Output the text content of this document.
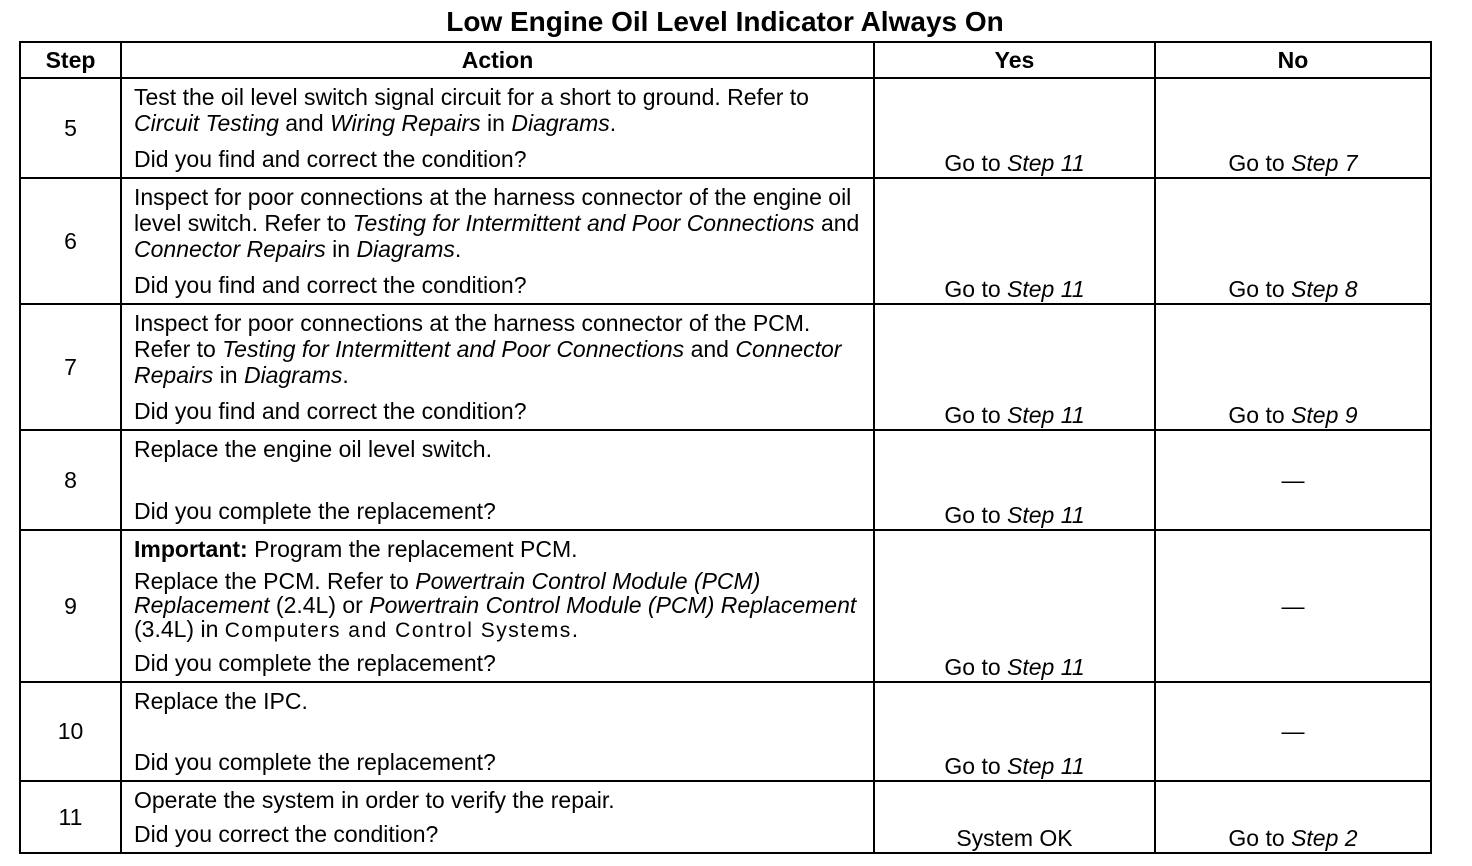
Low Engine Oil Level Indicator Always On
Step	Action	Yes	No
5	Test the oil level switch signal circuit for a short to ground. Refer to Circuit Testing and Wiring Repairs in Diagrams.

Did you find and correct the condition?	Go to Step 11	Go to Step 7
6	Inspect for poor connections at the harness connector of the engine oil level switch. Refer to Testing for Intermittent and Poor Connections and Connector Repairs in Diagrams.

Did you find and correct the condition?	Go to Step 11	Go to Step 8
7	Inspect for poor connections at the harness connector of the PCM. Refer to Testing for Intermittent and Poor Connections and Connector Repairs in Diagrams.

Did you find and correct the condition?	Go to Step 11	Go to Step 9
8	Replace the engine oil level switch.

Did you complete the replacement?	Go to Step 11	—
9	Important: Program the replacement PCM.

Replace the PCM. Refer to Powertrain Control Module (PCM) Replacement (2.4L) or Powertrain Control Module (PCM) Replacement (3.4L) in Computers and Control Systems.

Did you complete the replacement?	Go to Step 11	—
10	Replace the IPC.

Did you complete the replacement?	Go to Step 11	—
11	Operate the system in order to verify the repair.

Did you correct the condition?	System OK	Go to Step 2
